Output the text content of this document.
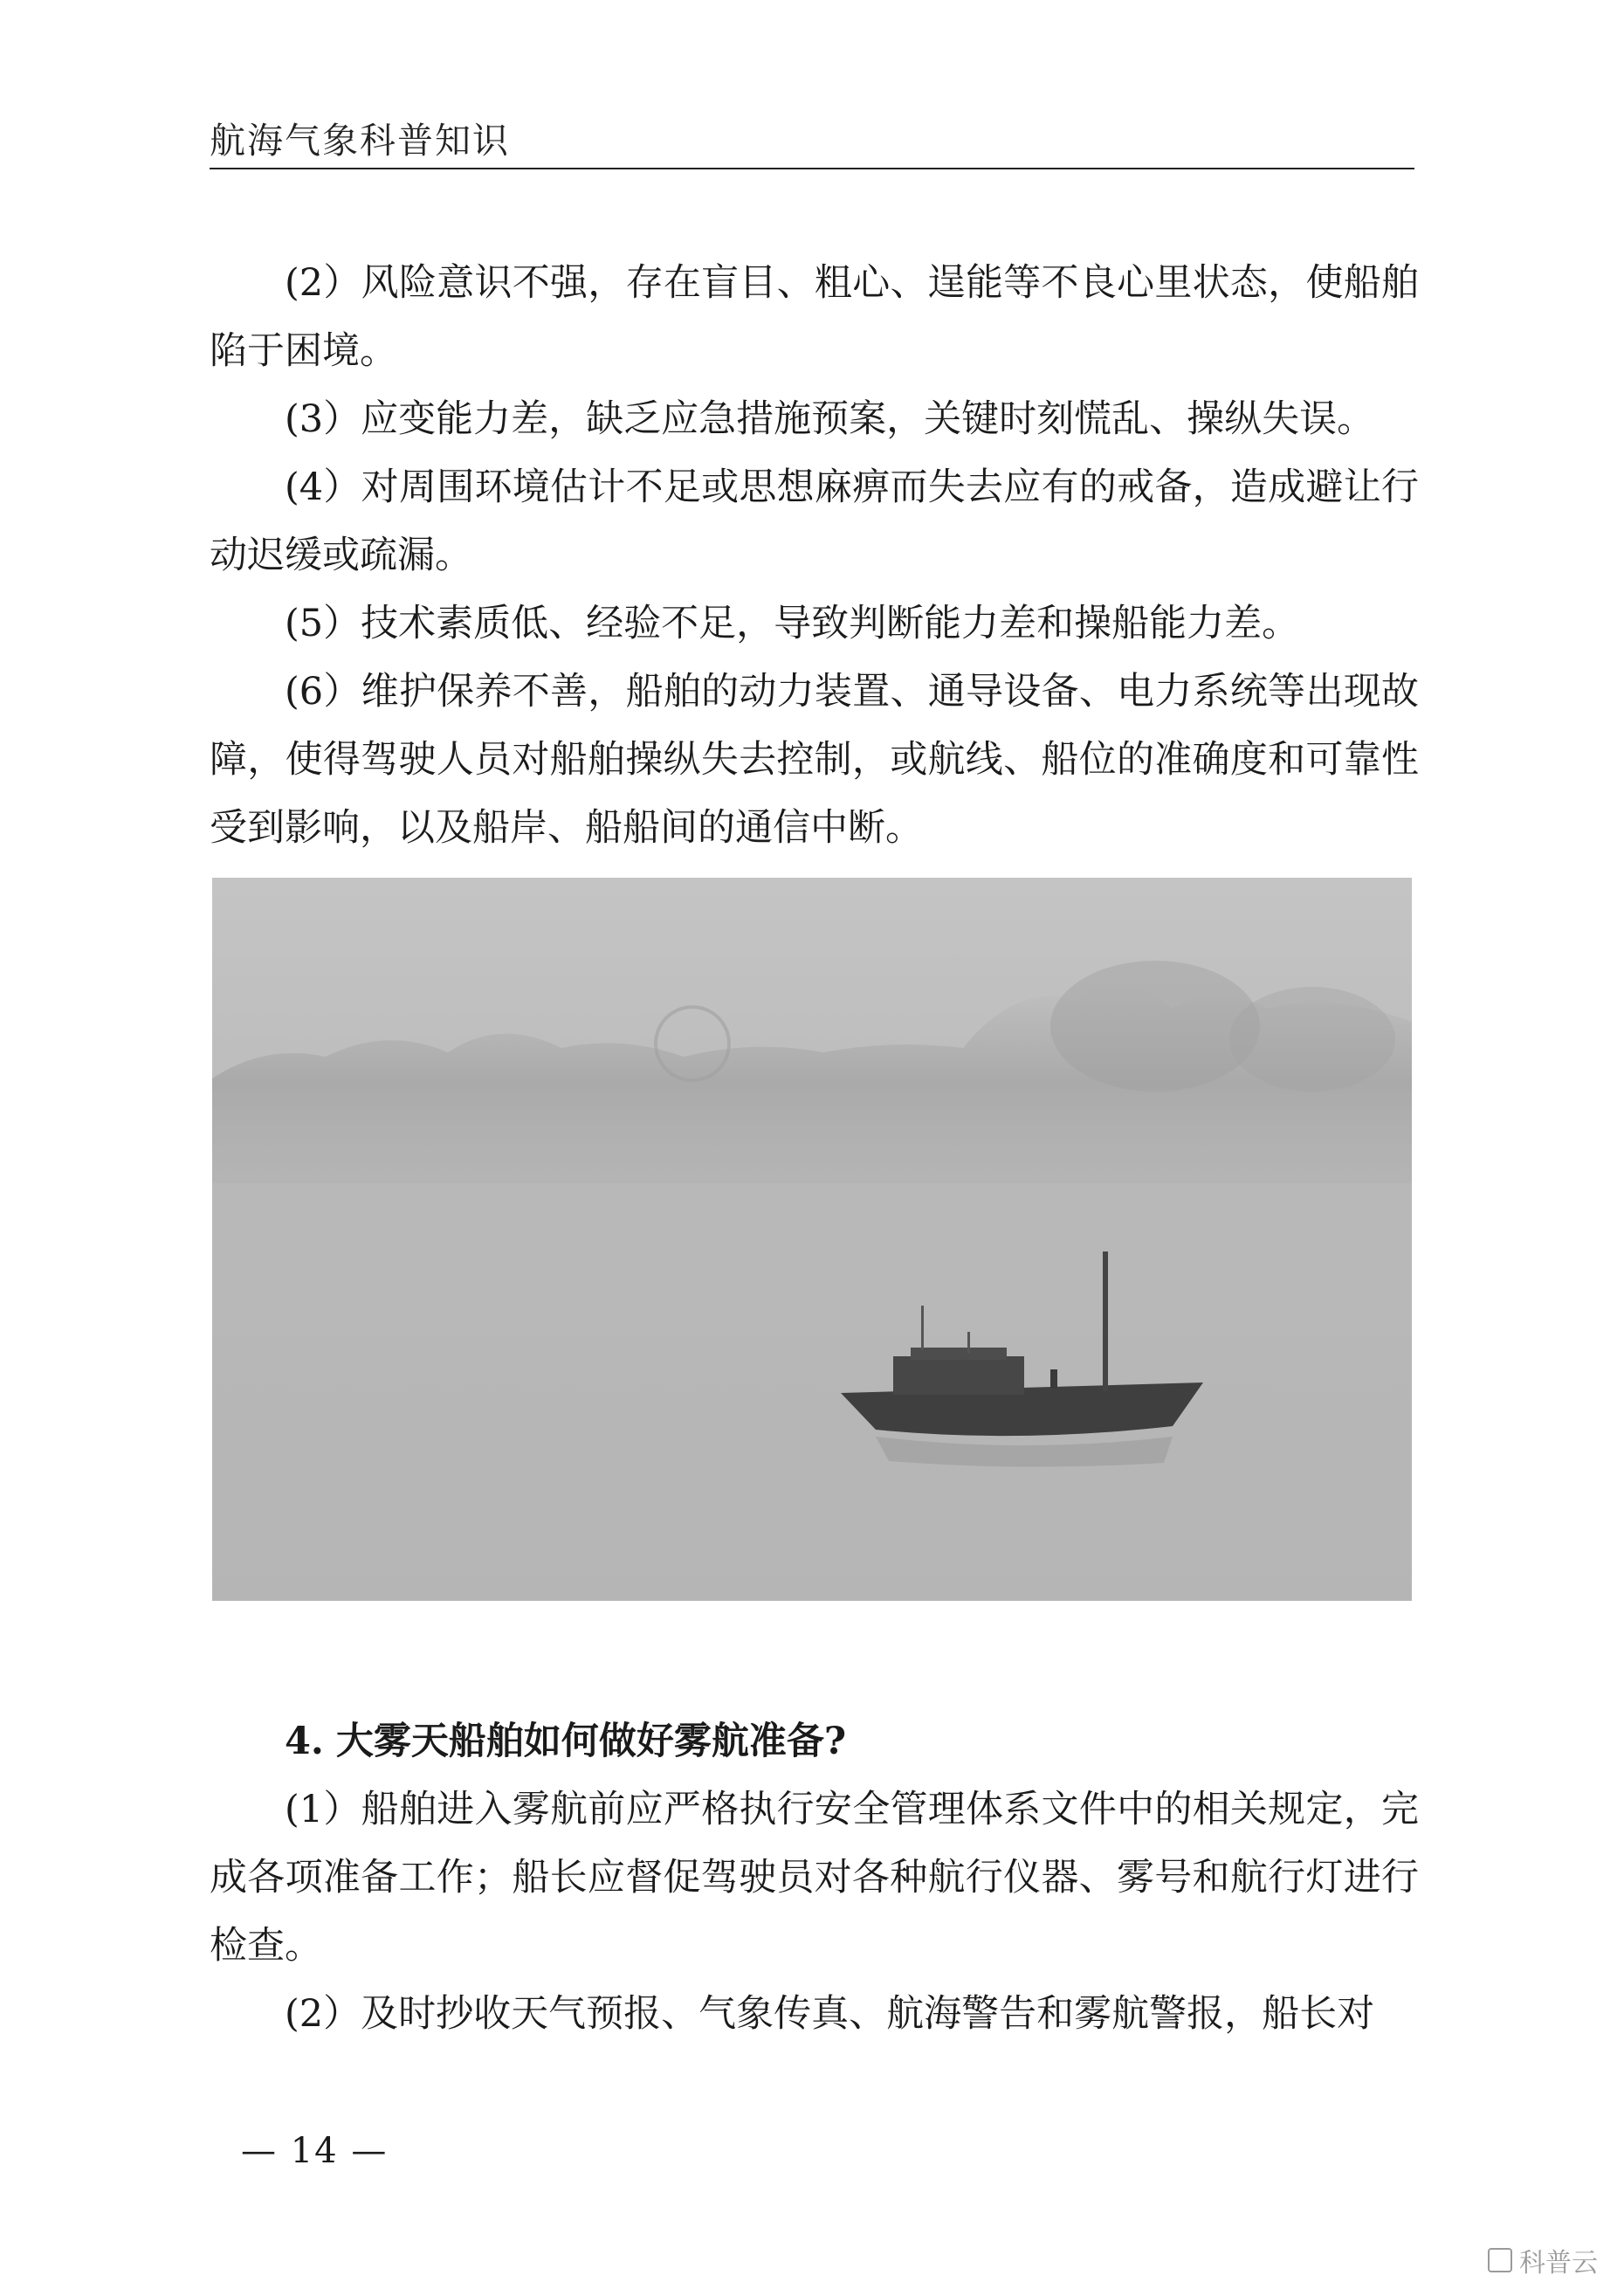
航海气象科普知识

(2）风险意识不强，存在盲目、粗心、逞能等不良心里状态，使船舶陷于困境。

(3）应变能力差，缺乏应急措施预案，关键时刻慌乱、操纵失误。

(4）对周围环境估计不足或思想麻痹而失去应有的戒备，造成避让行动迟缓或疏漏。

(5）技术素质低、经验不足，导致判断能力差和操船能力差。

(6）维护保养不善，船舶的动力装置、通导设备、电力系统等出现故障，使得驾驶人员对船舶操纵失去控制，或航线、船位的准确度和可靠性受到影响，以及船岸、船船间的通信中断。

4. 大雾天船舶如何做好雾航准备?

(1）船舶进入雾航前应严格执行安全管理体系文件中的相关规定，完成各项准备工作；船长应督促驾驶员对各种航行仪器、雾号和航行灯进行检查。

(2）及时抄收天气预报、气象传真、航海警告和雾航警报，船长对

— 14 —
科普云
